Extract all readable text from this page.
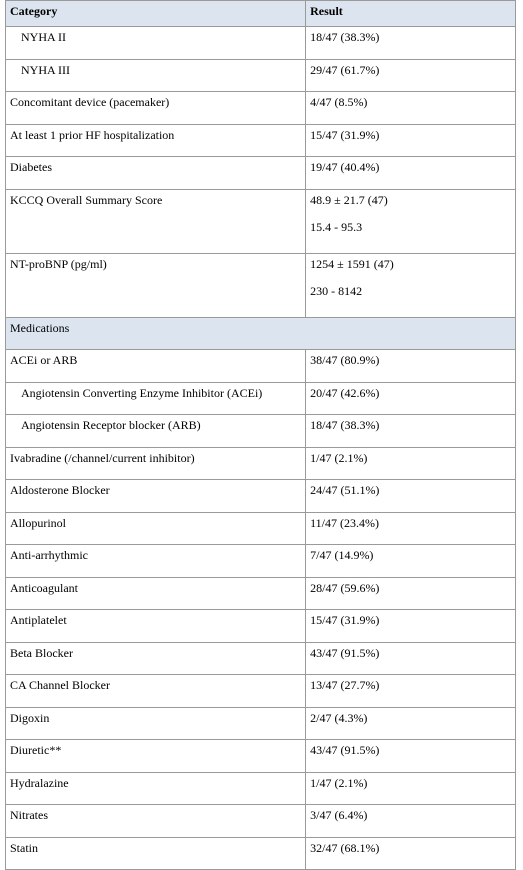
Category	Result
NYHA II	18/47 (38.3%)
NYHA III	29/47 (61.7%)
Concomitant device (pacemaker)	4/47 (8.5%)
At least 1 prior HF hospitalization	15/47 (31.9%)
Diabetes	19/47 (40.4%)
KCCQ Overall Summary Score	48.9 ± 21.7 (47)
15.4 - 95.3

NT-proBNP (pg/ml)	1254 ± 1591 (47)
230 - 8142

Medications	
ACEi or ARB	38/47 (80.9%)
Angiotensin Converting Enzyme Inhibitor (ACEi)	20/47 (42.6%)
Angiotensin Receptor blocker (ARB)	18/47 (38.3%)
Ivabradine (/channel/current inhibitor)	1/47 (2.1%)
Aldosterone Blocker	24/47 (51.1%)
Allopurinol	11/47 (23.4%)
Anti-arrhythmic	7/47 (14.9%)
Anticoagulant	28/47 (59.6%)
Antiplatelet	15/47 (31.9%)
Beta Blocker	43/47 (91.5%)
CA Channel Blocker	13/47 (27.7%)
Digoxin	2/47 (4.3%)
Diuretic**	43/47 (91.5%)
Hydralazine	1/47 (2.1%)
Nitrates	3/47 (6.4%)
Statin	32/47 (68.1%)
